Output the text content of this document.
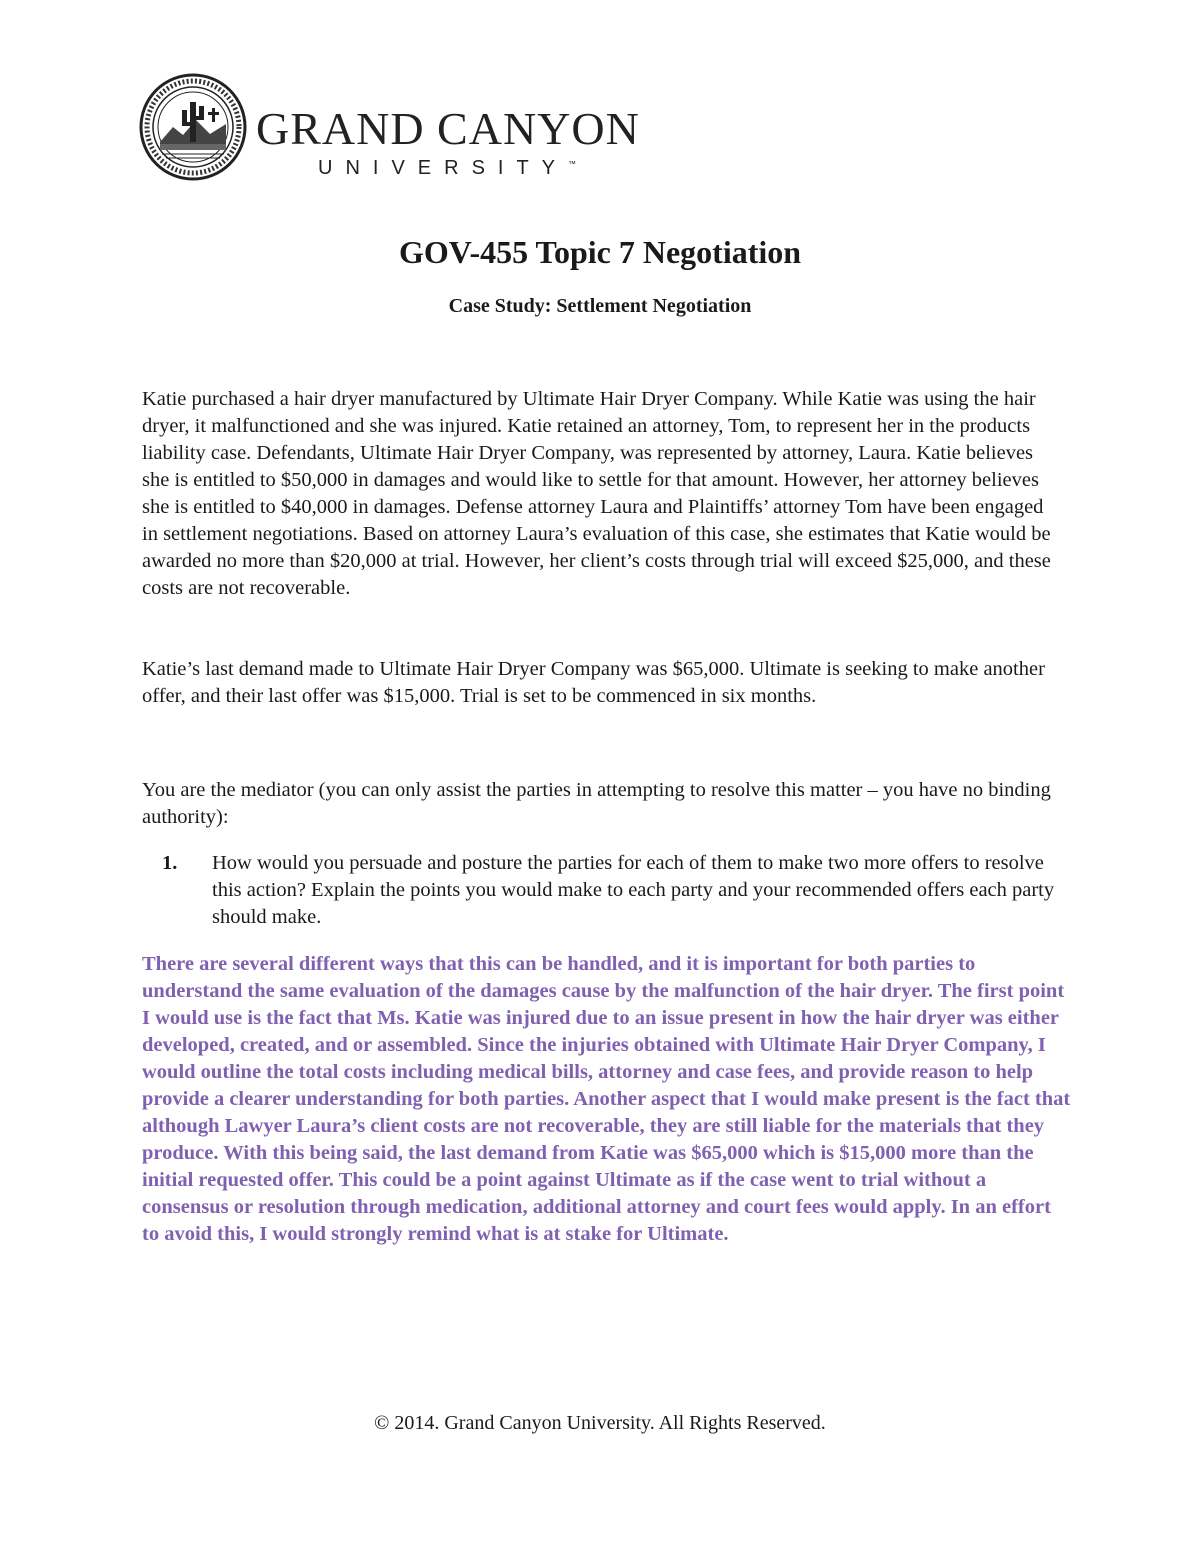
GRAND CANYON
UNIVERSITY™
GOV-455 Topic 7 Negotiation
Case Study: Settlement Negotiation

Katie purchased a hair dryer manufactured by Ultimate Hair Dryer Company. While Katie was using the hair dryer, it malfunctioned and she was injured. Katie retained an attorney, Tom, to represent her in the products liability case. Defendants, Ultimate Hair Dryer Company, was represented by attorney, Laura. Katie believes she is entitled to $50,000 in damages and would like to settle for that amount. However, her attorney believes she is entitled to $40,000 in damages. Defense attorney Laura and Plaintiffs’ attorney Tom have been engaged in settlement negotiations. Based on attorney Laura’s evaluation of this case, she estimates that Katie would be awarded no more than $20,000 at trial. However, her client’s costs through trial will exceed $25,000, and these costs are not recoverable.

Katie’s last demand made to Ultimate Hair Dryer Company was $65,000. Ultimate is seeking to make another offer, and their last offer was $15,000. Trial is set to be commenced in six months.

You are the mediator (you can only assist the parties in attempting to resolve this matter – you have no binding authority):

1. How would you persuade and posture the parties for each of them to make two more offers to resolve this action? Explain the points you would make to each party and your recommended offers each party should make.

There are several different ways that this can be handled, and it is important for both parties to understand the same evaluation of the damages cause by the malfunction of the hair dryer. The first point I would use is the fact that Ms. Katie was injured due to an issue present in how the hair dryer was either developed, created, and or assembled. Since the injuries obtained with Ultimate Hair Dryer Company, I would outline the total costs including medical bills, attorney and case fees, and provide reason to help provide a clearer understanding for both parties. Another aspect that I would make present is the fact that although Lawyer Laura’s client costs are not recoverable, they are still liable for the materials that they produce. With this being said, the last demand from Katie was $65,000 which is $15,000 more than the initial requested offer. This could be a point against Ultimate as if the case went to trial without a consensus or resolution through medication, additional attorney and court fees would apply. In an effort to avoid this, I would strongly remind what is at stake for Ultimate.

© 2014. Grand Canyon University. All Rights Reserved.
